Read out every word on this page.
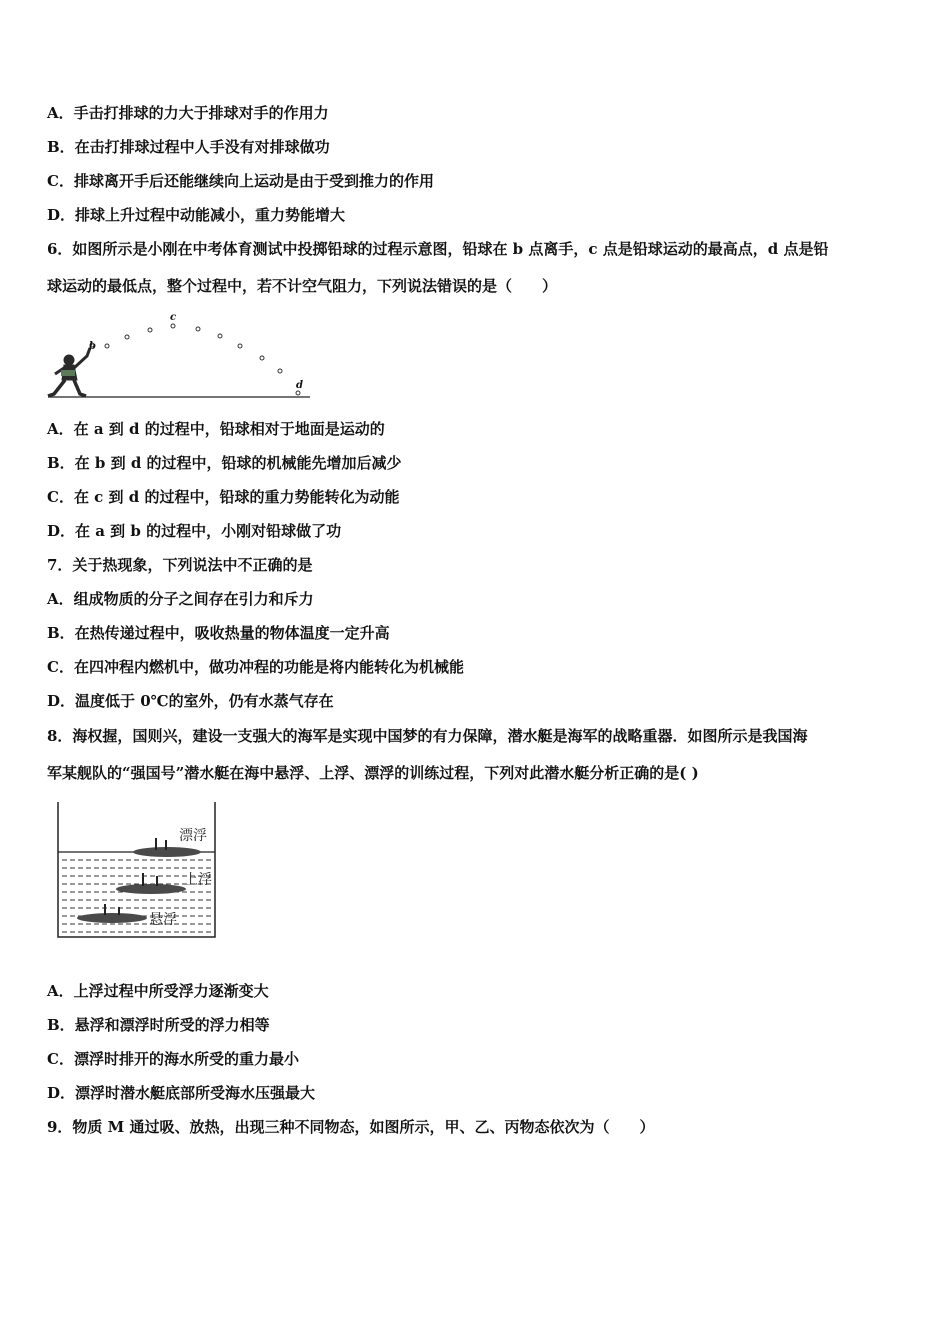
A．手击打排球的力大于排球对手的作用力
B．在击打排球过程中人手没有对排球做功
C．排球离开手后还能继续向上运动是由于受到推力的作用
D．排球上升过程中动能减小，重力势能增大
6．如图所示是小刚在中考体育测试中投掷铅球的过程示意图，铅球在 b 点离手，c 点是铅球运动的最高点，d 点是铅
球运动的最低点，整个过程中，若不计空气阻力，下列说法错误的是（　　）
b
c
d
A．在 a 到 d 的过程中，铅球相对于地面是运动的
B．在 b 到 d 的过程中，铅球的机械能先增加后减少
C．在 c 到 d 的过程中，铅球的重力势能转化为动能
D．在 a 到 b 的过程中，小刚对铅球做了功
7．关于热现象，下列说法中不正确的是
A．组成物质的分子之间存在引力和斥力
B．在热传递过程中，吸收热量的物体温度一定升高
C．在四冲程内燃机中，做功冲程的功能是将内能转化为机械能
D．温度低于 0℃的室外，仍有水蒸气存在
8．海权握，国则兴，建设一支强大的海军是实现中国梦的有力保障，潜水艇是海军的战略重器．如图所示是我国海
军某舰队的“强国号”潜水艇在海中悬浮、上浮、漂浮的训练过程，下列对此潜水艇分析正确的是( )
漂浮
上浮
悬浮
A．上浮过程中所受浮力逐渐变大
B．悬浮和漂浮时所受的浮力相等
C．漂浮时排开的海水所受的重力最小
D．漂浮时潜水艇底部所受海水压强最大
9．物质 M 通过吸、放热，出现三种不同物态，如图所示，甲、乙、丙物态依次为（　　）
